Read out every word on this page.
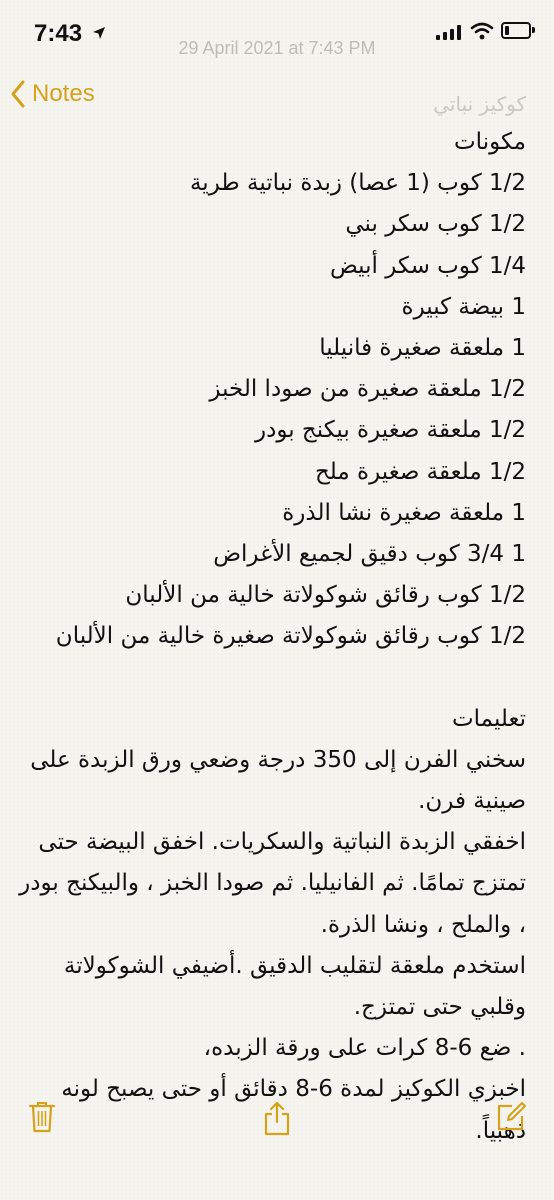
7:43
29 April 2021 at 7:43 PM
Notes	كوكيز نباتي
مكونات
1/2 كوب (1 عصا) زبدة نباتية طرية
1/2 كوب سكر بني
1/4 كوب سكر أبيض
1 بيضة كبيرة
1 ملعقة صغيرة فانيليا
1/2 ملعقة صغيرة من صودا الخبز
1/2 ملعقة صغيرة بيكنج بودر
1/2 ملعقة صغيرة ملح
1 ملعقة صغيرة نشا الذرة
1 3/4 كوب دقيق لجميع الأغراض
1/2 كوب رقائق شوكولاتة خالية من الألبان
1/2 كوب رقائق شوكولاتة صغيرة خالية من الألبان
تعليمات
سخني الفرن إلى 350 درجة وضعي ورق الزبدة على صينية فرن.
اخفقي الزبدة النباتية والسكريات. اخفق البيضة حتى تمتزج تمامًا. ثم الفانيليا. ثم صودا الخبز ، والبيكنج بودر ، والملح ، ونشا الذرة.
استخدم ملعقة لتقليب الدقيق .أضيفي الشوكولاتة وقلبي حتى تمتزج.
. ضع 6-8 كرات على ورقة الزبده،
اخبزي الكوكيز لمدة 6-8 دقائق أو حتى يصبح لونه ذهبياً.
